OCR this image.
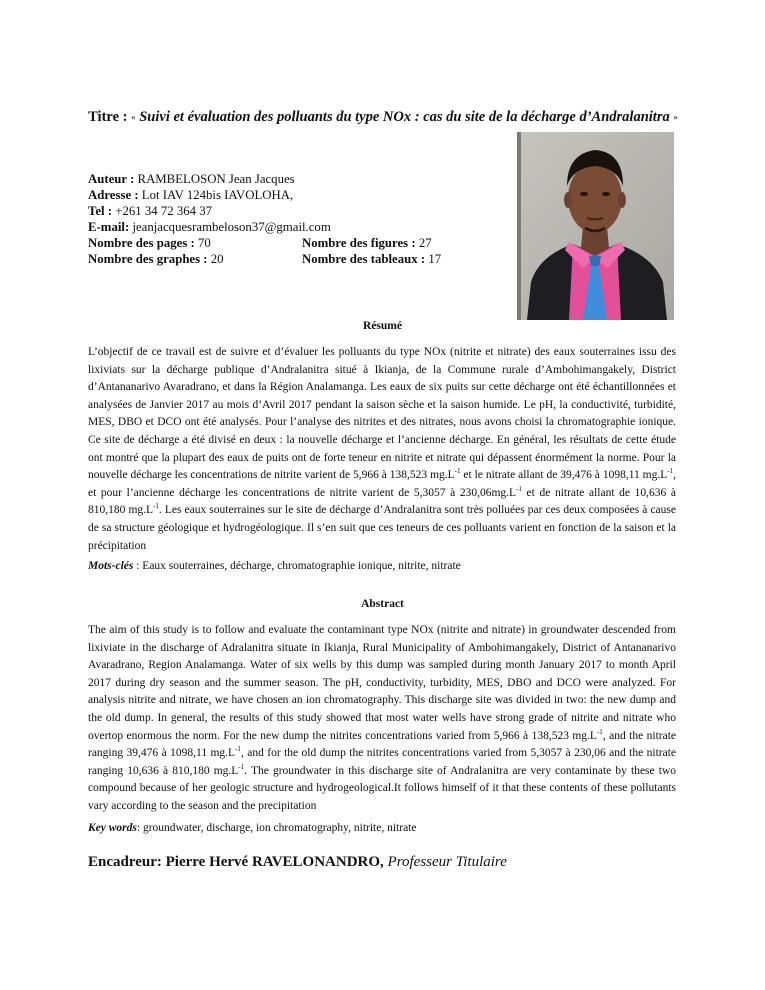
Titre : « Suivi et évaluation des polluants du type NOx : cas du site de la décharge d’Andralanitra »
Auteur : RAMBELOSON Jean Jacques
Adresse : Lot IAV 124bis IAVOLOHA,
Tel : +261 34 72 364 37
E-mail: jeanjacquesrambeloson37@gmail.com
Nombre des pages : 70	Nombre des figures : 27
Nombre des graphes : 20	Nombre des tableaux : 17
Résumé
L’objectif de ce travail est de suivre et d’évaluer les polluants du type NOx (nitrite et nitrate) des eaux souterraines issu des lixiviats sur la décharge publique d’Andralanitra situé à Ikianja, de la Commune rurale d’Ambohimangakely, District d’Antananarivo Avaradrano, et dans la Région Analamanga. Les eaux de six puits sur cette décharge ont été échantillonnées et analysées de Janvier 2017 au mois d’Avril 2017 pendant la saison sèche et la saison humide. Le pH, la conductivité, turbidité, MES, DBO et DCO ont été analysés. Pour l’analyse des nitrites et des nitrates, nous avons choisi la chromatographie ionique. Ce site de décharge a été divisé en deux : la nouvelle décharge et l’ancienne décharge. En général, les résultats de cette étude ont montré que la plupart des eaux de puits ont de forte teneur en nitrite et nitrate qui dépassent énormément la norme. Pour la nouvelle décharge les concentrations de nitrite varient de 5,966 à 138,523 $mg.L^{-1}$ et le nitrate allant de 39,476 à 1098,11 $mg.L^{-1}$, et pour l’ancienne décharge les concentrations de nitrite varient de 5,3057 à $230,06mg.L^{-1}$ et de nitrate allant de 10,636 à 810,180 $mg.L^{-1}$. Les eaux souterraines sur le site de décharge d’Andralanitra sont très polluées par ces deux composées à cause de sa structure géologique et hydrogéologique. Il s’en suit que ces teneurs de ces polluants varient en fonction de la saison et la précipitation
Mots-clés : Eaux souterraines, décharge, chromatographie ionique, nitrite, nitrate
Abstract
The aim of this study is to follow and evaluate the contaminant type NOx (nitrite and nitrate) in groundwater descended from lixiviate in the discharge of Adralanitra situate in Ikianja, Rural Municipality of Ambohimangakely, District of Antananarivo Avaradrano, Region Analamanga. Water of six wells by this dump was sampled during month January 2017 to month April 2017 during dry season and the summer season. The pH, conductivity, turbidity, MES, DBO and DCO were analyzed. For analysis nitrite and nitrate, we have chosen an ion chromatography. This discharge site was divided in two: the new dump and the old dump. In general, the results of this study showed that most water wells have strong grade of nitrite and nitrate who overtop enormous the norm. For the new dump the nitrites concentrations varied from 5,966 à 138,523 $mg.L^{-1}$, and the nitrate ranging 39,476 à 1098,11 $mg.L^{-1}$, and for the old dump the nitrites concentrations varied from 5,3057 à 230,06 and the nitrate ranging 10,636 à 810,180 $mg.L^{-1}$. The groundwater in this discharge site of Andralanitra are very contaminate by these two compound because of her geologic structure and hydrogeological.It follows himself of it that these contents of these pollutants vary according to the season and the precipitation
Key words: groundwater, discharge, ion chromatography, nitrite, nitrate
Encadreur: Pierre Hervé RAVELONANDRO, Professeur Titulaire
